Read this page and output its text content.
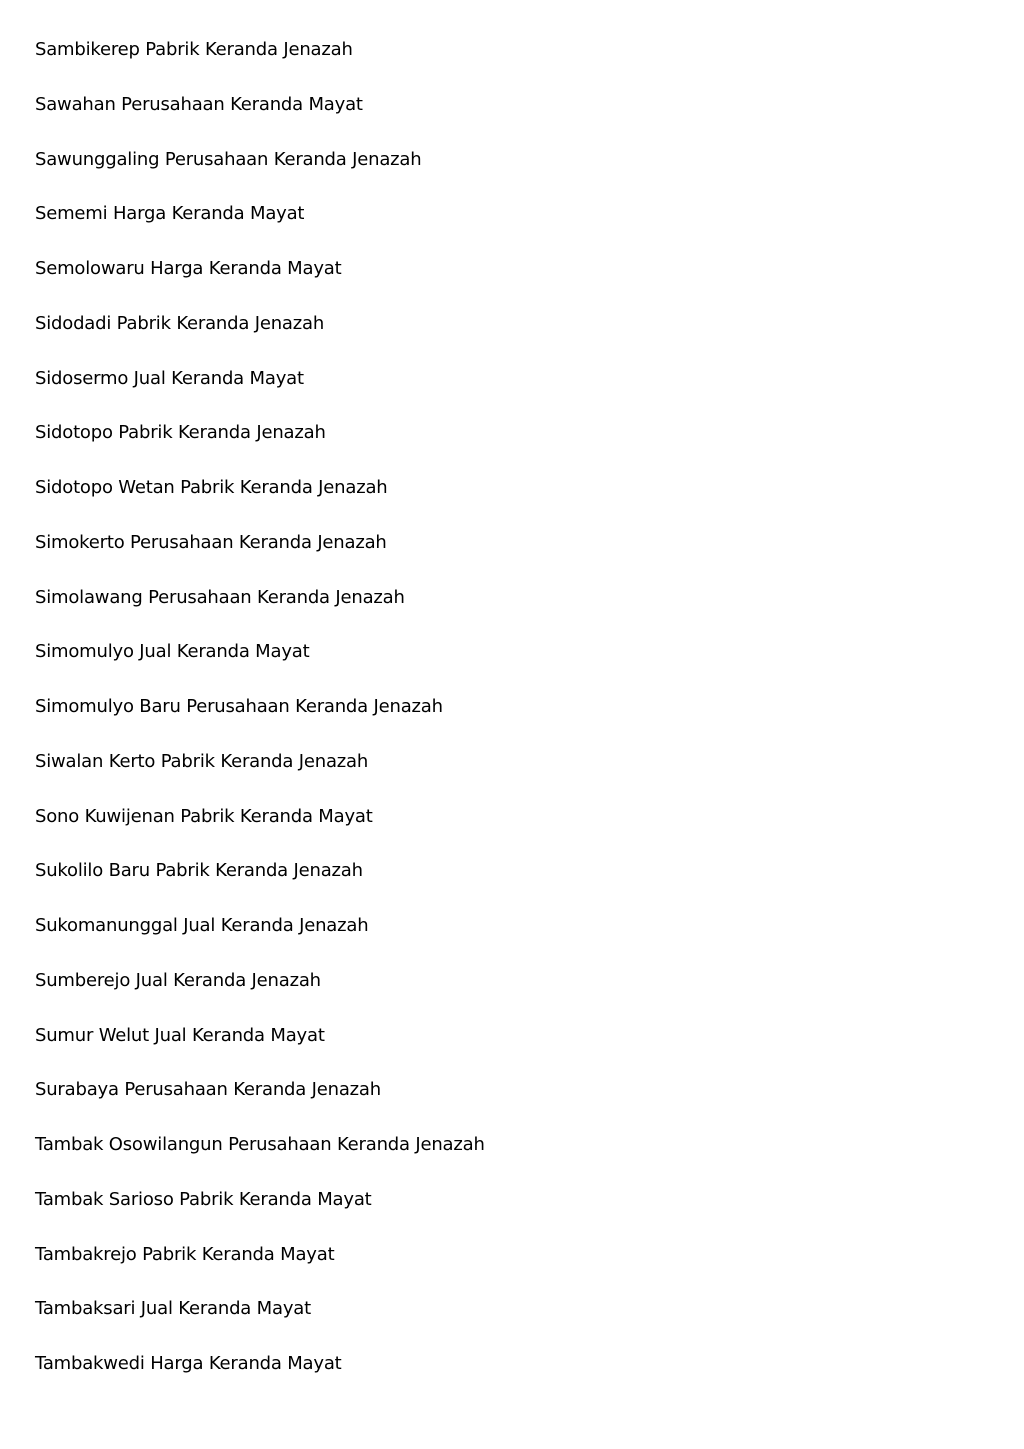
Sambikerep Pabrik Keranda Jenazah
Sawahan Perusahaan Keranda Mayat
Sawunggaling Perusahaan Keranda Jenazah
Sememi Harga Keranda Mayat
Semolowaru Harga Keranda Mayat
Sidodadi Pabrik Keranda Jenazah
Sidosermo Jual Keranda Mayat
Sidotopo Pabrik Keranda Jenazah
Sidotopo Wetan Pabrik Keranda Jenazah
Simokerto Perusahaan Keranda Jenazah
Simolawang Perusahaan Keranda Jenazah
Simomulyo Jual Keranda Mayat
Simomulyo Baru Perusahaan Keranda Jenazah
Siwalan Kerto Pabrik Keranda Jenazah
Sono Kuwijenan Pabrik Keranda Mayat
Sukolilo Baru Pabrik Keranda Jenazah
Sukomanunggal Jual Keranda Jenazah
Sumberejo Jual Keranda Jenazah
Sumur Welut Jual Keranda Mayat
Surabaya Perusahaan Keranda Jenazah
Tambak Osowilangun Perusahaan Keranda Jenazah
Tambak Sarioso Pabrik Keranda Mayat
Tambakrejo Pabrik Keranda Mayat
Tambaksari Jual Keranda Mayat
Tambakwedi Harga Keranda Mayat
